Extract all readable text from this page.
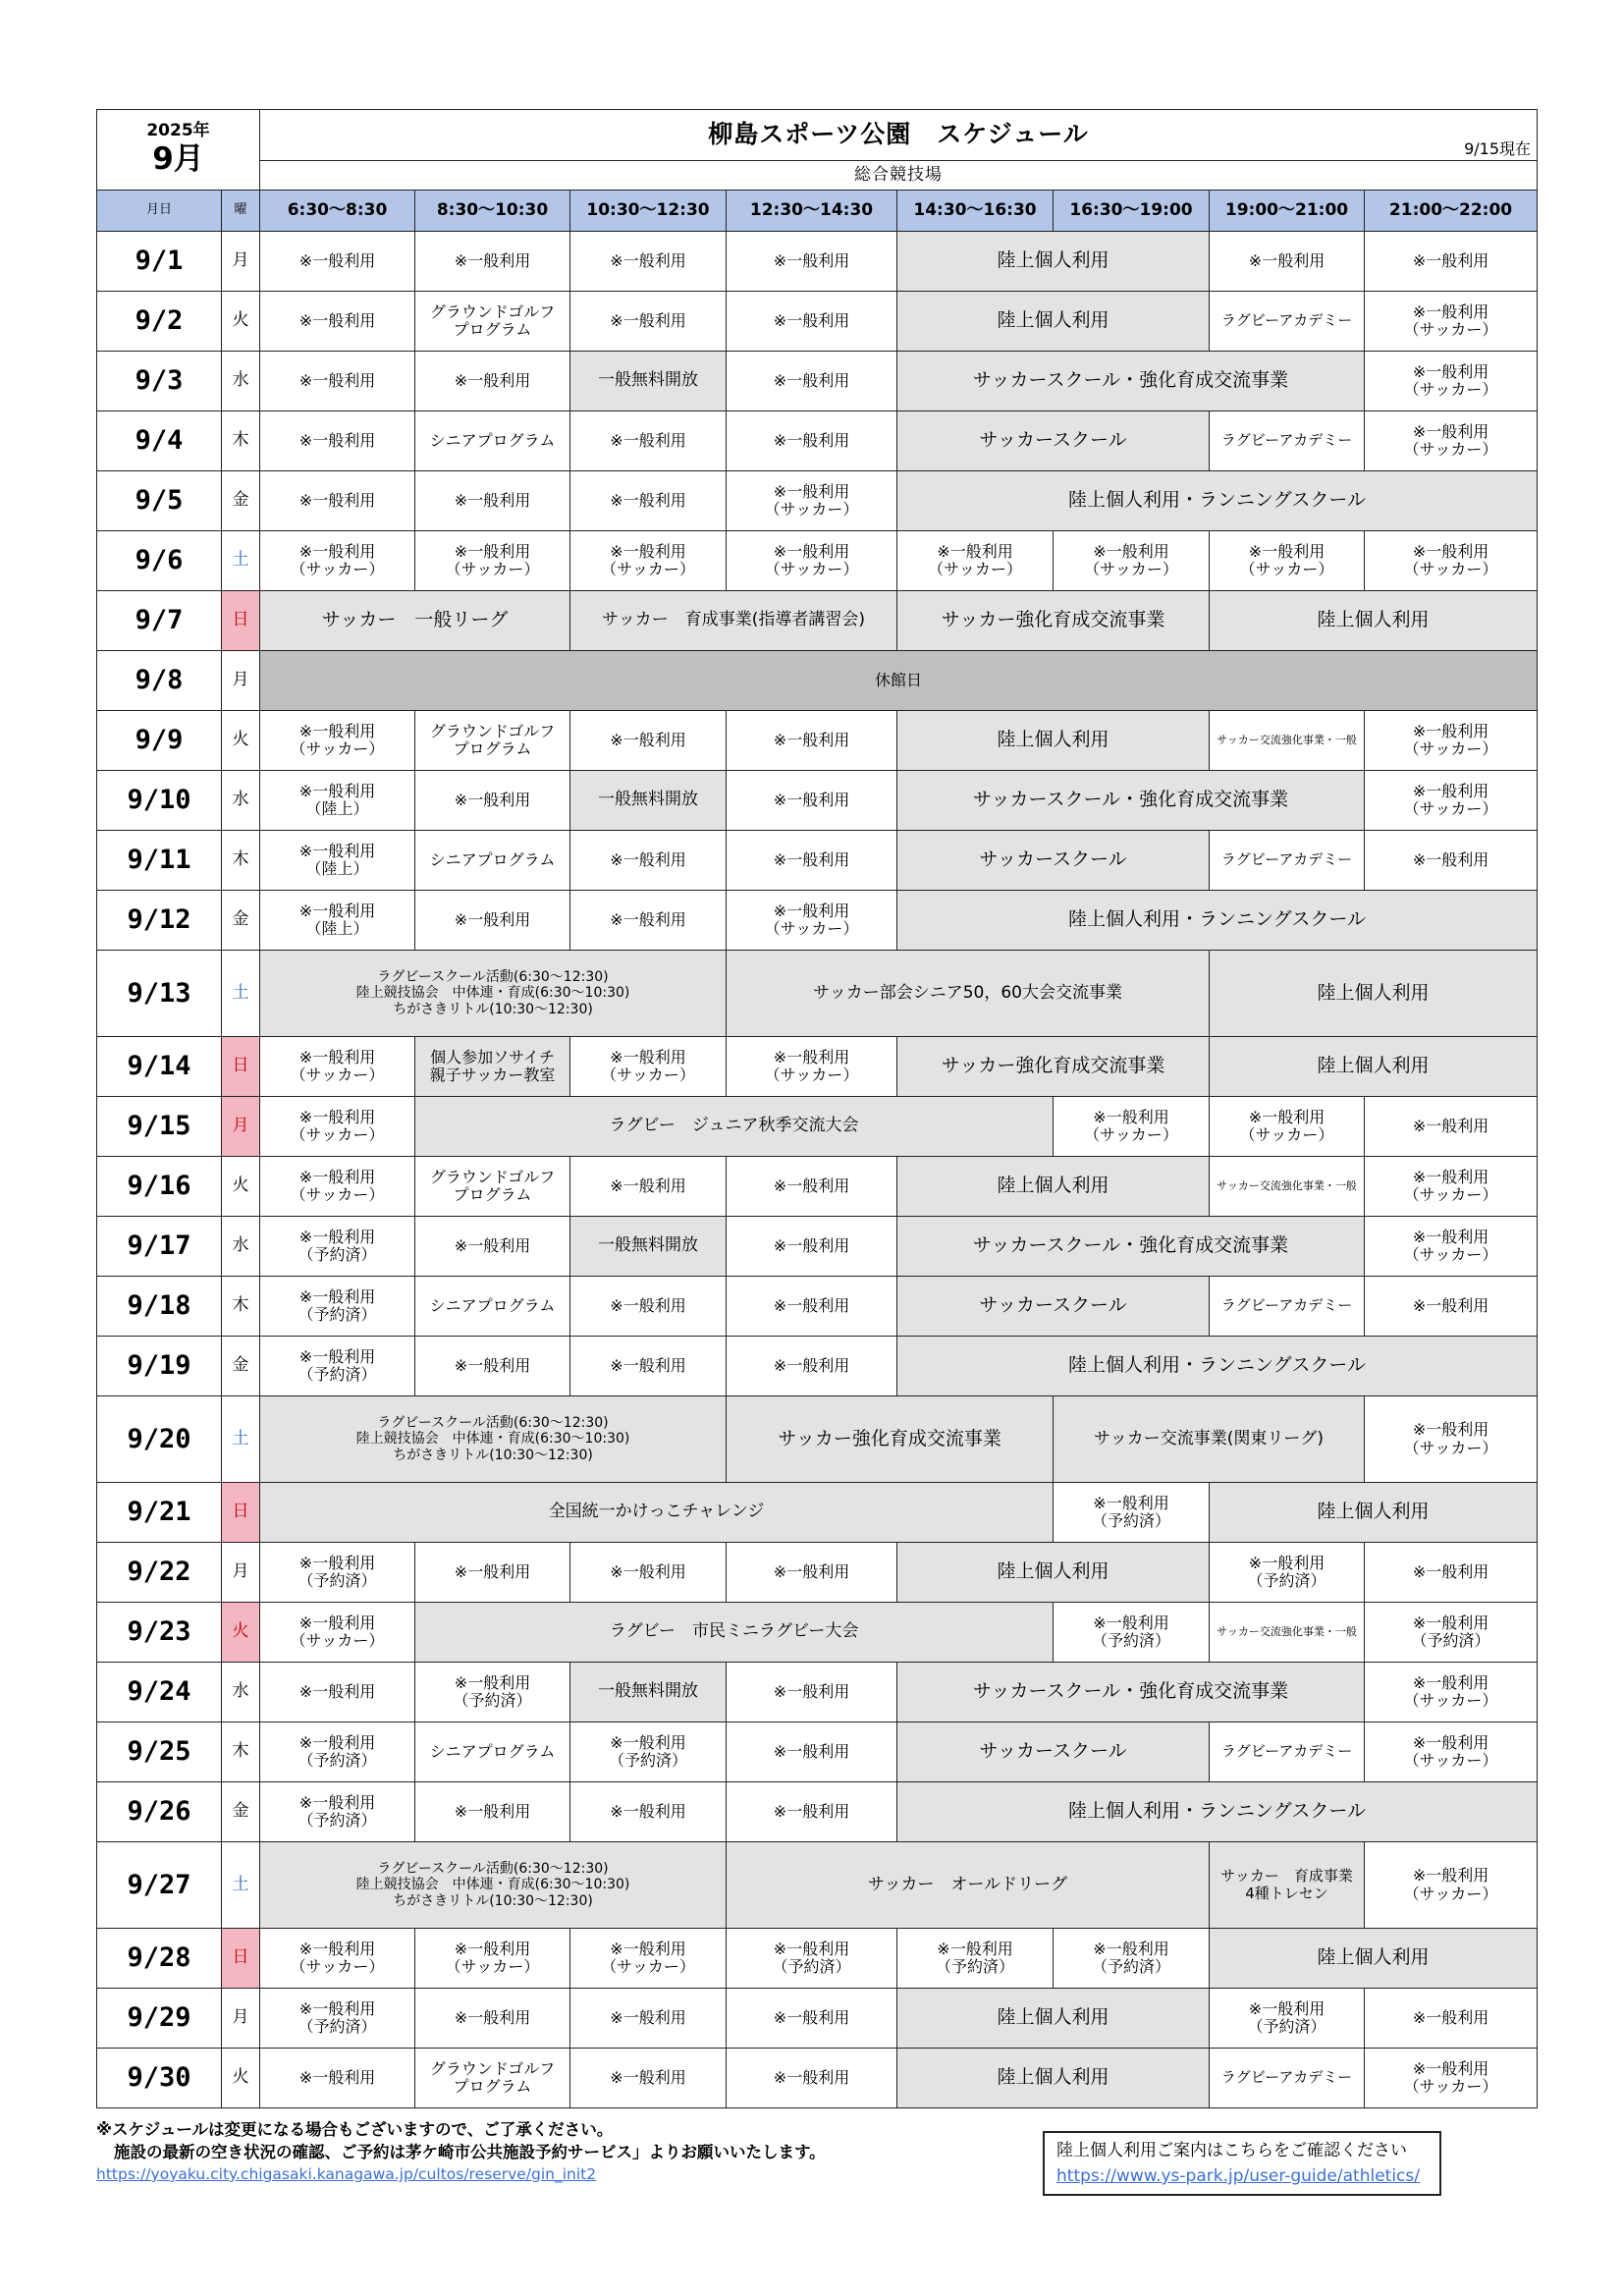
2025年
9月		柳島スポーツ公園　スケジュール 9/15現在							

		総合競技場							
月日	曜	6:30～8:30	8:30～10:30	10:30～12:30	12:30～14:30	14:30～16:30	16:30～19:00	19:00～21:00	21:00～22:00
9/1	月	※一般利用	※一般利用	※一般利用	※一般利用	陸上個人利用		※一般利用	※一般利用
9/2	火	※一般利用	グラウンドゴルフ
プログラム	※一般利用	※一般利用	陸上個人利用		ラグビーアカデミー	※一般利用
（サッカー）
9/3	水	※一般利用	※一般利用	一般無料開放	※一般利用	サッカースクール・強化育成交流事業			※一般利用
（サッカー）
9/4	木	※一般利用	シニアプログラム	※一般利用	※一般利用	サッカースクール		ラグビーアカデミー	※一般利用
（サッカー）
9/5	金	※一般利用	※一般利用	※一般利用	※一般利用
（サッカー）	陸上個人利用・ランニングスクール			
9/6	土	※一般利用
（サッカー）	※一般利用
（サッカー）	※一般利用
（サッカー）	※一般利用
（サッカー）	※一般利用
（サッカー）	※一般利用
（サッカー）	※一般利用
（サッカー）	※一般利用
（サッカー）
9/7	日	サッカー　一般リーグ		サッカー　育成事業(指導者講習会)		サッカー強化育成交流事業		陸上個人利用	
9/8	月	休館日							
9/9	火	※一般利用
（サッカー）	グラウンドゴルフ
プログラム	※一般利用	※一般利用	陸上個人利用		サッカー交流強化事業・一般	※一般利用
（サッカー）
9/10	水	※一般利用
（陸上）	※一般利用	一般無料開放	※一般利用	サッカースクール・強化育成交流事業			※一般利用
（サッカー）
9/11	木	※一般利用
（陸上）	シニアプログラム	※一般利用	※一般利用	サッカースクール		ラグビーアカデミー	※一般利用
9/12	金	※一般利用
（陸上）	※一般利用	※一般利用	※一般利用
（サッカー）	陸上個人利用・ランニングスクール			
9/13	土	ラグビースクール活動(6:30～12:30)
陸上競技協会　中体連・育成(6:30～10:30)
ちがさきリトル(10:30～12:30)			サッカー部会シニア50，60大会交流事業			陸上個人利用	
9/14	日	※一般利用
（サッカー）	個人参加ソサイチ
親子サッカー教室	※一般利用
（サッカー）	※一般利用
（サッカー）	サッカー強化育成交流事業		陸上個人利用	
9/15	月	※一般利用
（サッカー）	ラグビー　ジュニア秋季交流大会				※一般利用
（サッカー）	※一般利用
（サッカー）	※一般利用
9/16	火	※一般利用
（サッカー）	グラウンドゴルフ
プログラム	※一般利用	※一般利用	陸上個人利用		サッカー交流強化事業・一般	※一般利用
（サッカー）
9/17	水	※一般利用
（予約済）	※一般利用	一般無料開放	※一般利用	サッカースクール・強化育成交流事業			※一般利用
（サッカー）
9/18	木	※一般利用
（予約済）	シニアプログラム	※一般利用	※一般利用	サッカースクール		ラグビーアカデミー	※一般利用
9/19	金	※一般利用
（予約済）	※一般利用	※一般利用	※一般利用	陸上個人利用・ランニングスクール			
9/20	土	ラグビースクール活動(6:30～12:30)
陸上競技協会　中体連・育成(6:30～10:30)
ちがさきリトル(10:30～12:30)			サッカー強化育成交流事業		サッカー交流事業(関東リーグ)		※一般利用
（サッカー）
9/21	日	全国統一かけっこチャレンジ					※一般利用
（予約済）	陸上個人利用	
9/22	月	※一般利用
（予約済）	※一般利用	※一般利用	※一般利用	陸上個人利用		※一般利用
（予約済）	※一般利用
9/23	火	※一般利用
（サッカー）	ラグビー　市民ミニラグビー大会				※一般利用
（予約済）	サッカー交流強化事業・一般	※一般利用
（予約済）
9/24	水	※一般利用	※一般利用
（予約済）	一般無料開放	※一般利用	サッカースクール・強化育成交流事業			※一般利用
（サッカー）
9/25	木	※一般利用
（予約済）	シニアプログラム	※一般利用
（予約済）	※一般利用	サッカースクール		ラグビーアカデミー	※一般利用
（サッカー）
9/26	金	※一般利用
（予約済）	※一般利用	※一般利用	※一般利用	陸上個人利用・ランニングスクール			
9/27	土	ラグビースクール活動(6:30～12:30)
陸上競技協会　中体連・育成(6:30～10:30)
ちがさきリトル(10:30～12:30)			サッカー　オールドリーグ			サッカー　育成事業
4種トレセン	※一般利用
（サッカー）
9/28	日	※一般利用
（サッカー）	※一般利用
（サッカー）	※一般利用
（サッカー）	※一般利用
（予約済）	※一般利用
（予約済）	※一般利用
（予約済）	陸上個人利用	
9/29	月	※一般利用
（予約済）	※一般利用	※一般利用	※一般利用	陸上個人利用		※一般利用
（予約済）	※一般利用
9/30	火	※一般利用	グラウンドゴルフ
プログラム	※一般利用	※一般利用	陸上個人利用		ラグビーアカデミー	※一般利用
（サッカー）
※スケジュールは変更になる場合もございますので、ご了承ください。
施設の最新の空き状況の確認、ご予約は茅ケ崎市公共施設予約サービス」よりお願いいたします。
https://yoyaku.city.chigasaki.kanagawa.jp/cultos/reserve/gin_init2
陸上個人利用ご案内はこちらをご確認ください
https://www.ys-park.jp/user-guide/athletics/
